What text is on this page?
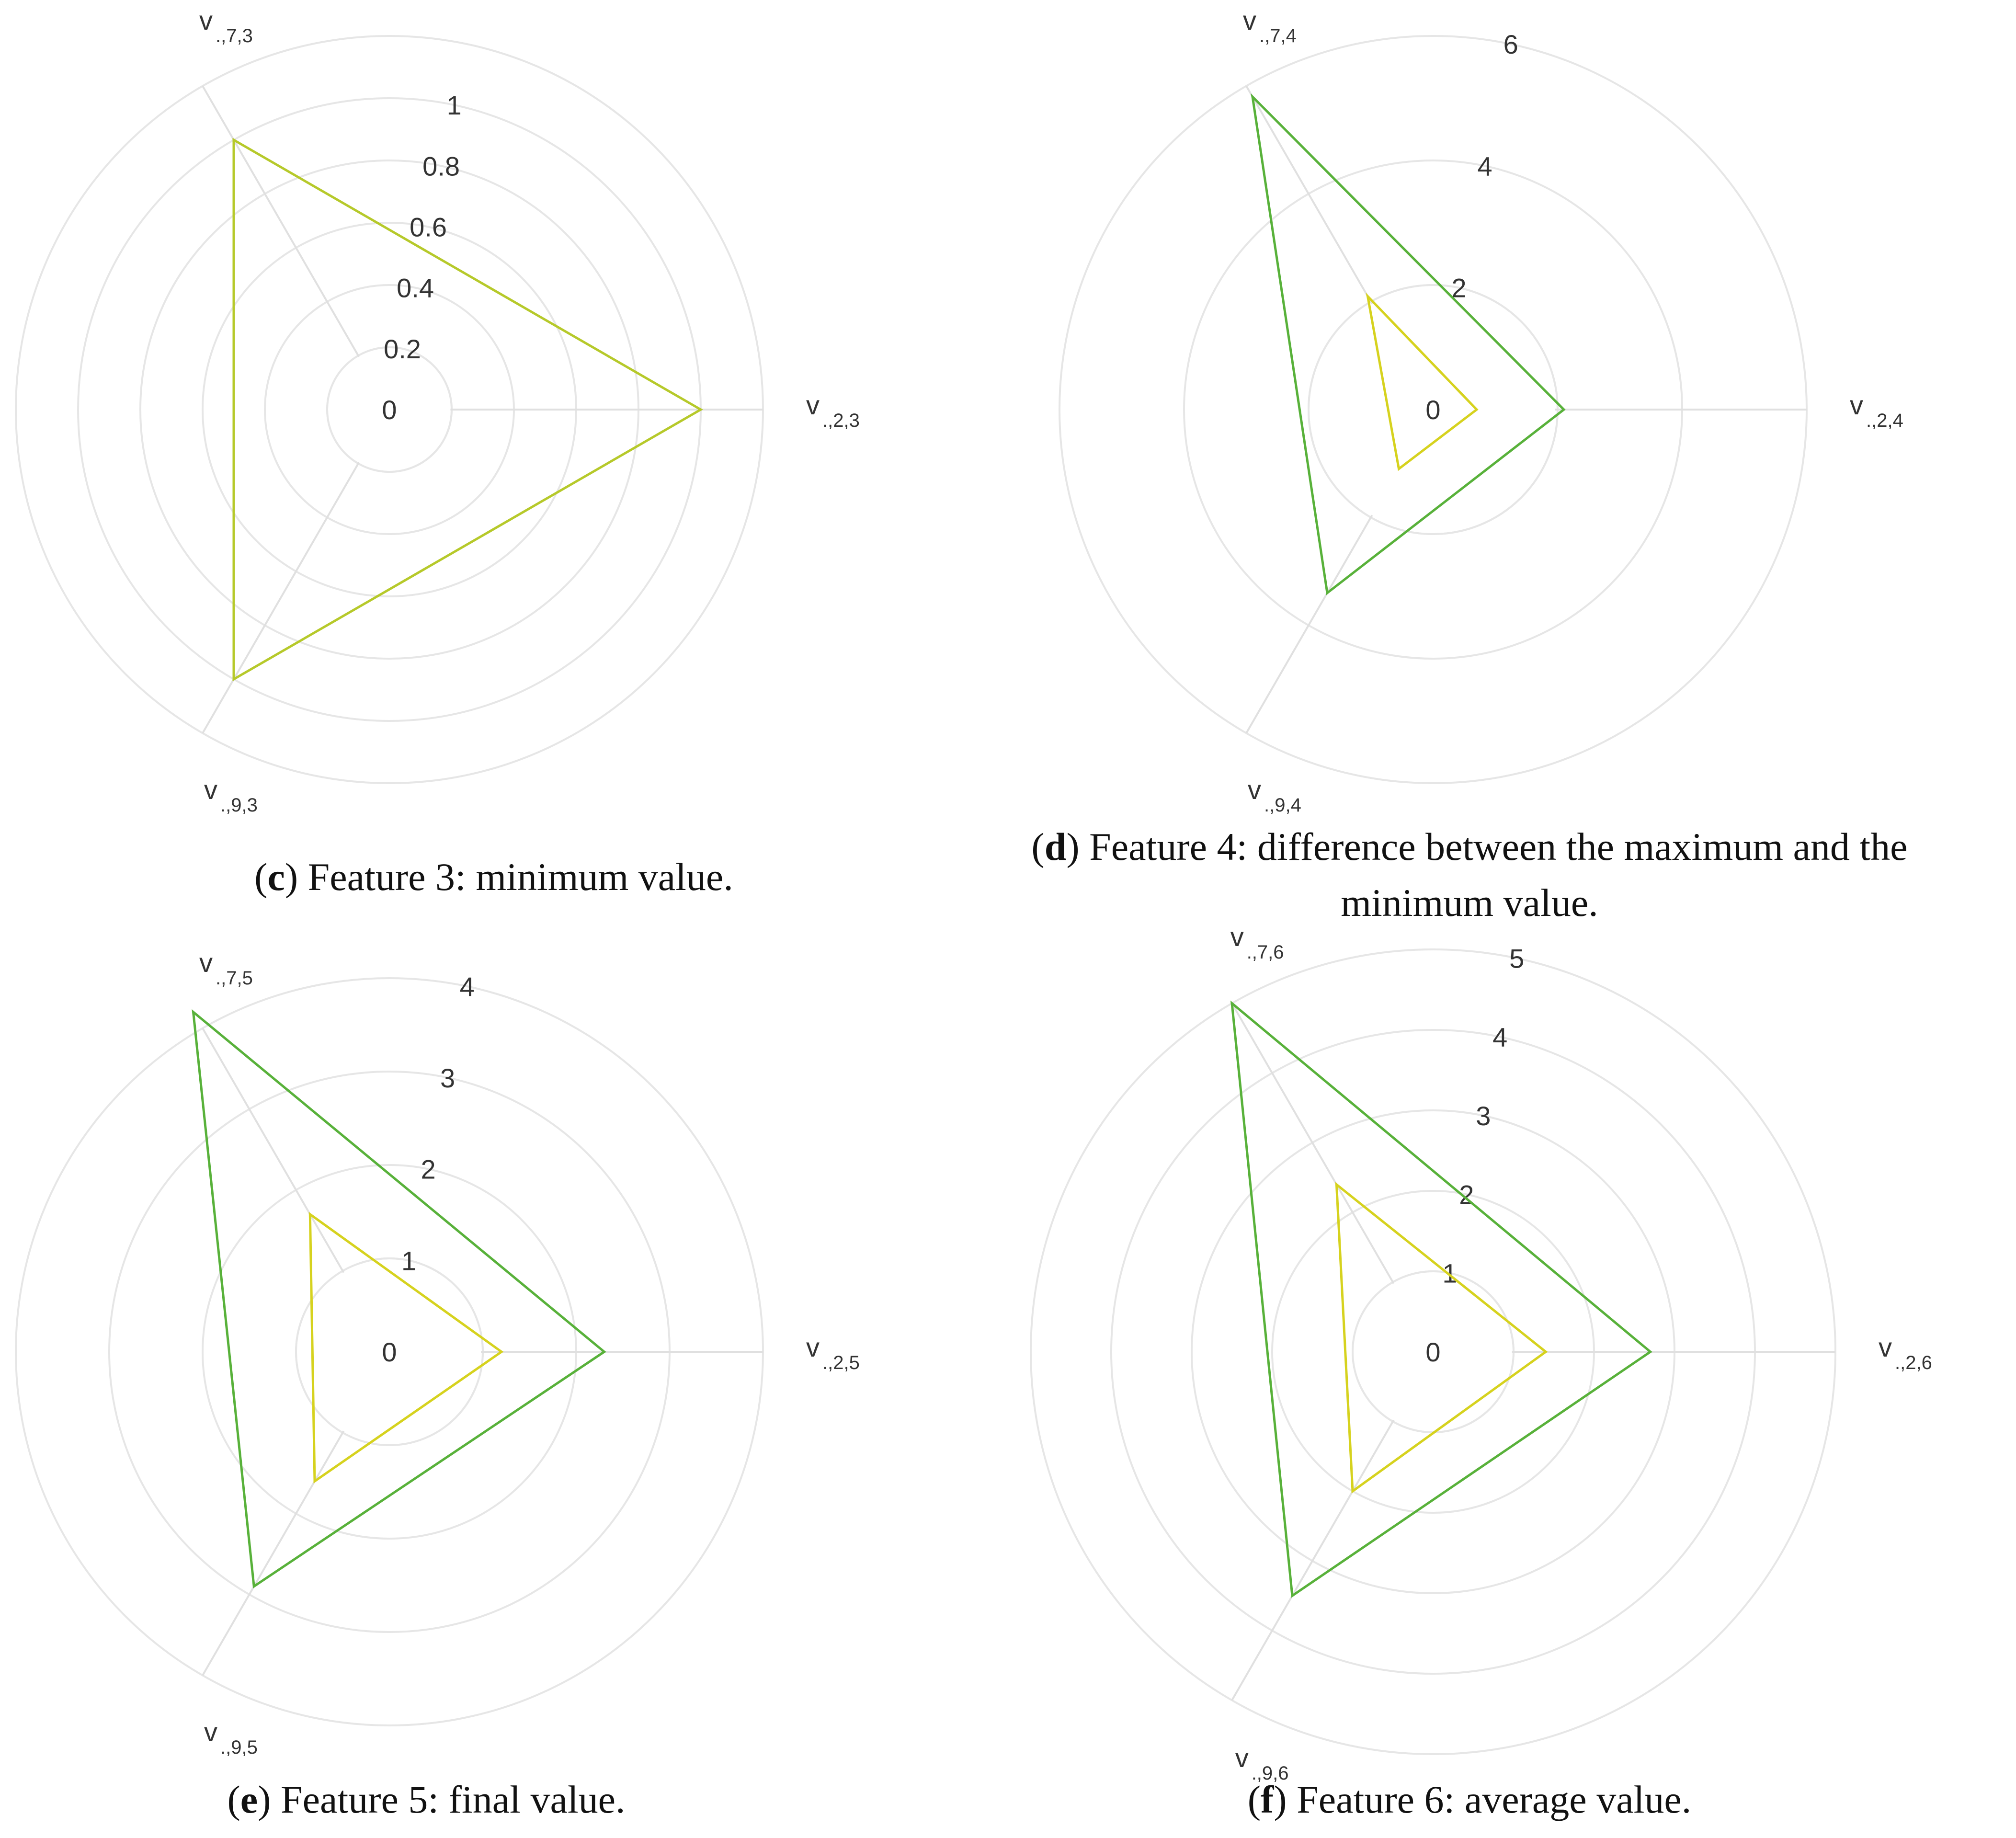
0
0.2
0.4
0.6
0.8
1
$v_{.,2,3}$
$v_{.,7,3}$
$v_{.,9,3}$
(c) Feature 3: minimum value.
0
2
4
6
$v_{.,2,4}$
$v_{.,7,4}$
$v_{.,9,4}$
(d) Feature 4: difference between the maximum and the
minimum value.
0
1
2
3
4
$v_{.,2,5}$
$v_{.,7,5}$
$v_{.,9,5}$
(e) Feature 5: final value.
0
1
2
3
4
5
$v_{.,2,6}$
$v_{.,7,6}$
$v_{.,9,6}$
(f) Feature 6: average value.
